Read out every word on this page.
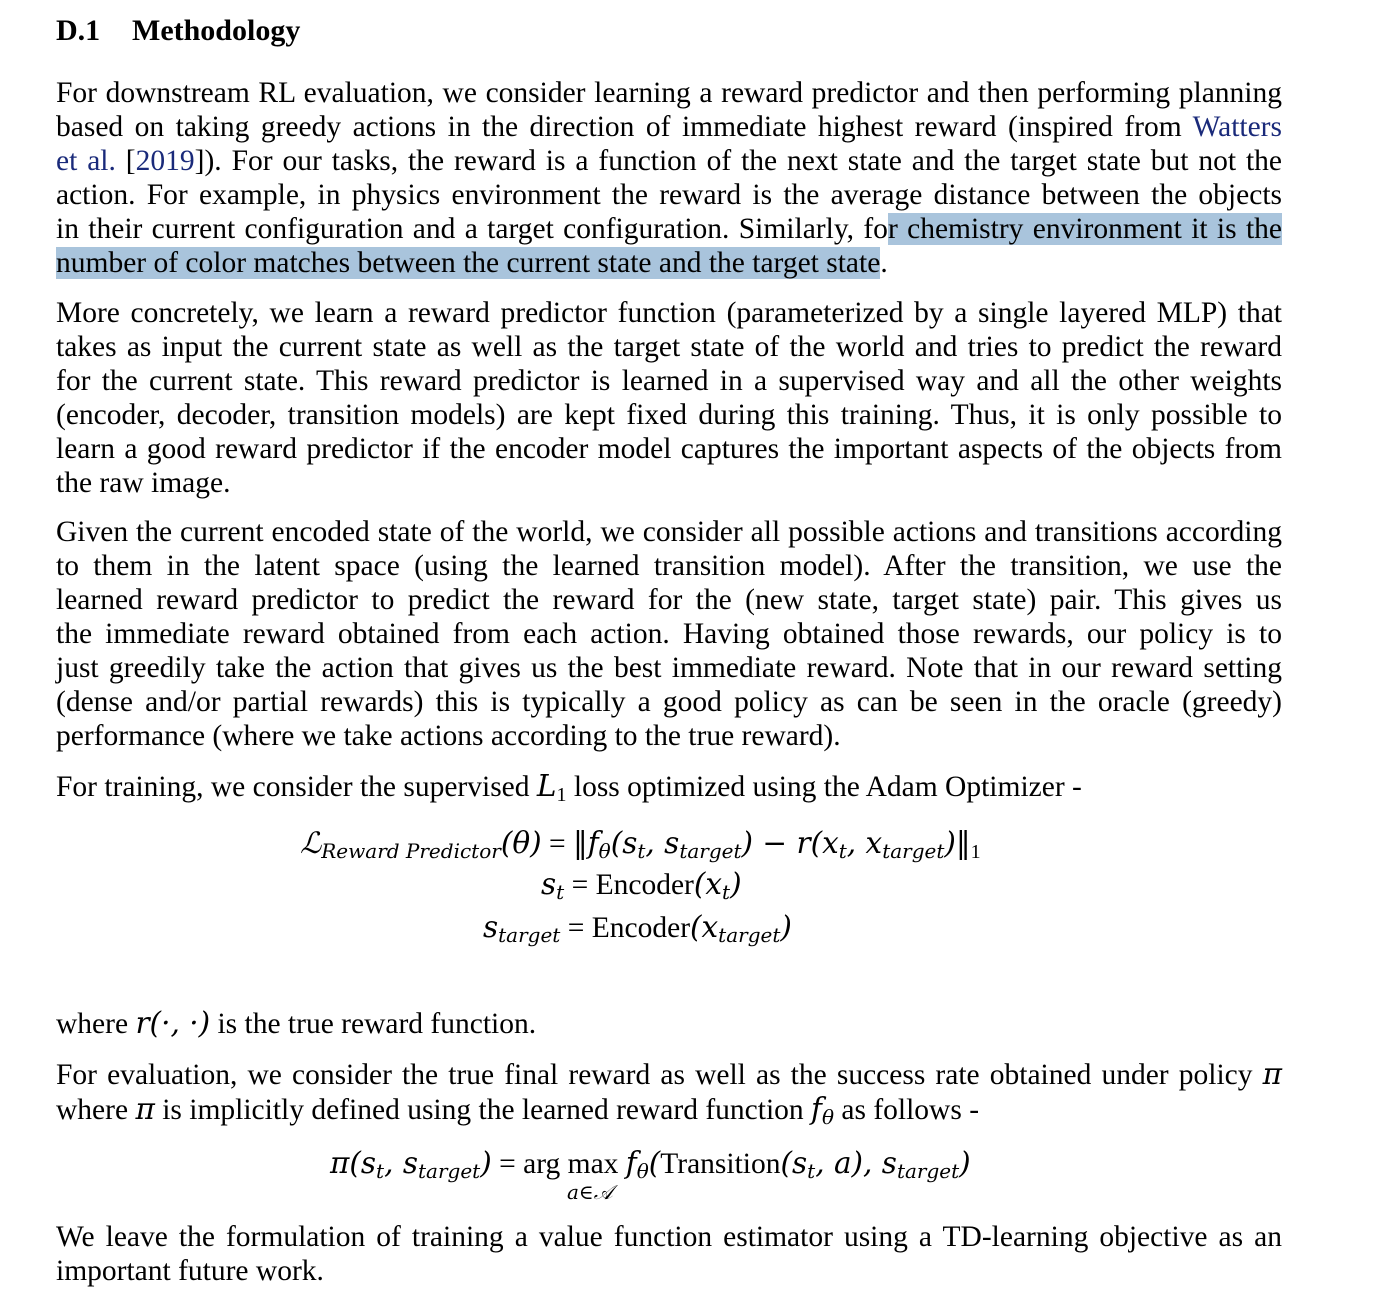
D.1 Methodology
For downstream RL evaluation, we consider learning a reward predictor and then performing planning
based on taking greedy actions in the direction of immediate highest reward (inspired from Watters
et al. [2019]). For our tasks, the reward is a function of the next state and the target state but not the
action. For example, in physics environment the reward is the average distance between the objects
in their current configuration and a target configuration. Similarly, for chemistry environment it is the
number of color matches between the current state and the target state.
More concretely, we learn a reward predictor function (parameterized by a single layered MLP) that
takes as input the current state as well as the target state of the world and tries to predict the reward
for the current state. This reward predictor is learned in a supervised way and all the other weights
(encoder, decoder, transition models) are kept fixed during this training. Thus, it is only possible to
learn a good reward predictor if the encoder model captures the important aspects of the objects from
the raw image.
Given the current encoded state of the world, we consider all possible actions and transitions according
to them in the latent space (using the learned transition model). After the transition, we use the
learned reward predictor to predict the reward for the (new state, target state) pair. This gives us
the immediate reward obtained from each action. Having obtained those rewards, our policy is to
just greedily take the action that gives us the best immediate reward. Note that in our reward setting
(dense and/or partial rewards) this is typically a good policy as can be seen in the oracle (greedy)
performance (where we take actions according to the true reward).
For training, we consider the supervised $L_1$ loss optimized using the Adam Optimizer -
ℒ$_{Reward Predictor}$(θ) = $‖f_\theta(s_t$, $s_{target}) - r(x_t$, $x_{target})‖_1$
$s_t$ = $Encoder(x_t)$
$s_{target}$ = $Encoder(x_{target})$
where r(·, ·) is the true reward function.
For evaluation, we consider the true final reward as well as the success rate obtained under policy π
where π is implicitly defined using the learned reward function $f_\theta$ as follows -
$\pi(s_t$, $s_{target}$) = arg $\max f_\theta(Transition(s_t$, a), $s_{target}$)
a∈𝒜
We leave the formulation of training a value function estimator using a TD-learning objective as an
important future work.
